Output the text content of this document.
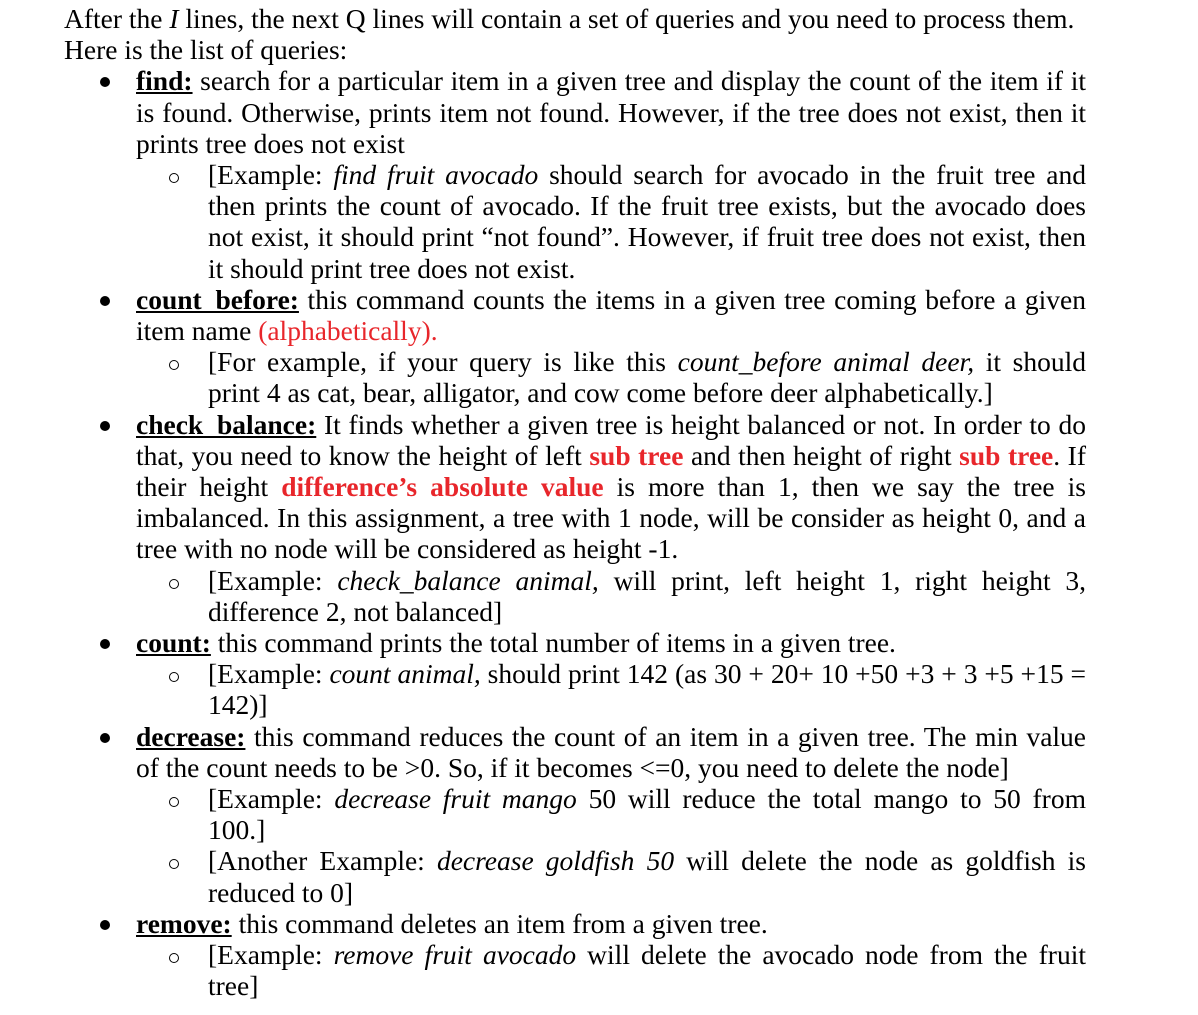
After the I lines, the next Q lines will contain a set of queries and you need to process them.
Here is the list of queries:
find: search for a particular item in a given tree and display the count of the item if it is found. Otherwise, prints item not found. However, if the tree does not exist, then it prints tree does not exist
[Example: find fruit avocado should search for avocado in the fruit tree and then prints the count of avocado. If the fruit tree exists, but the avocado does not exist, it should print “not found”. However, if fruit tree does not exist, then it should print tree does not exist.
count_before: this command counts the items in a given tree coming before a given item name (alphabetically).
[For example, if your query is like this count_before animal deer, it should print 4 as cat, bear, alligator, and cow come before deer alphabetically.]
check_balance: It finds whether a given tree is height balanced or not. In order to do that, you need to know the height of left sub tree and then height of right sub tree. If their height difference’s absolute value is more than 1, then we say the tree is imbalanced. In this assignment, a tree with 1 node, will be consider as height 0, and a tree with no node will be considered as height -1.
[Example: check_balance animal, will print, left height 1, right height 3, difference 2, not balanced]
count: this command prints the total number of items in a given tree.
[Example: count animal, should print 142 (as 30 + 20+ 10 +50 +3 + 3 +5 +15 = 142)]
decrease: this command reduces the count of an item in a given tree. The min value of the count needs to be >0. So, if it becomes <=0, you need to delete the node]
[Example: decrease fruit mango 50 will reduce the total mango to 50 from 100.]
[Another Example: decrease goldfish 50 will delete the node as goldfish is reduced to 0]
remove: this command deletes an item from a given tree.
[Example: remove fruit avocado will delete the avocado node from the fruit tree]
